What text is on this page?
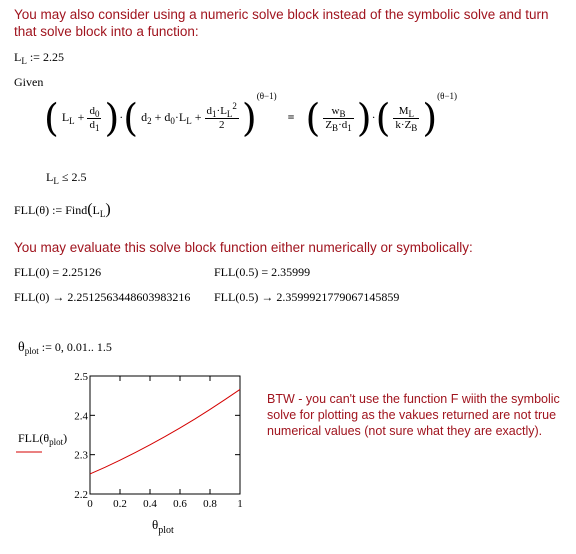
You may also consider using a numeric solve block instead of the symbolic solve and turn that solve block into a function:
$L_L$ := 2.25
Given
( $L_L + \frac{d_0}{d_1}$ )·( $d_2 + d_0\cdot L_L + \frac{d_1\cdot L_L^2}{2} )^{(\theta-1)}$ = ( $\frac{w_B}{Z_B\cdot d_1}$ )·( $\frac{M_L}{k\cdot Z_B} )^{(\theta-1)}$
$L_L \le 2.5$
FLL(θ) := $Find(L_L)$
You may evaluate this solve block function either numerically or symbolically:
FLL(0) = 2.25126	FLL(0.5) = 2.35999
FLL(0) → 2.2512563448603983216 FLL(0.5) → 2.3599921779067145859
$\theta_{plot}$ := 0, 0.01.. 1.5
0 0.2 0.4 0.6 0.8 1
2.2
2.3
2.4
2.5
$FLL(\theta_{plot})$
$\theta_{plot}$
BTW - you can't use the function F wiith the symbolic solve for plotting as the vakues returned are not true numerical values (not sure what they are exactly).
